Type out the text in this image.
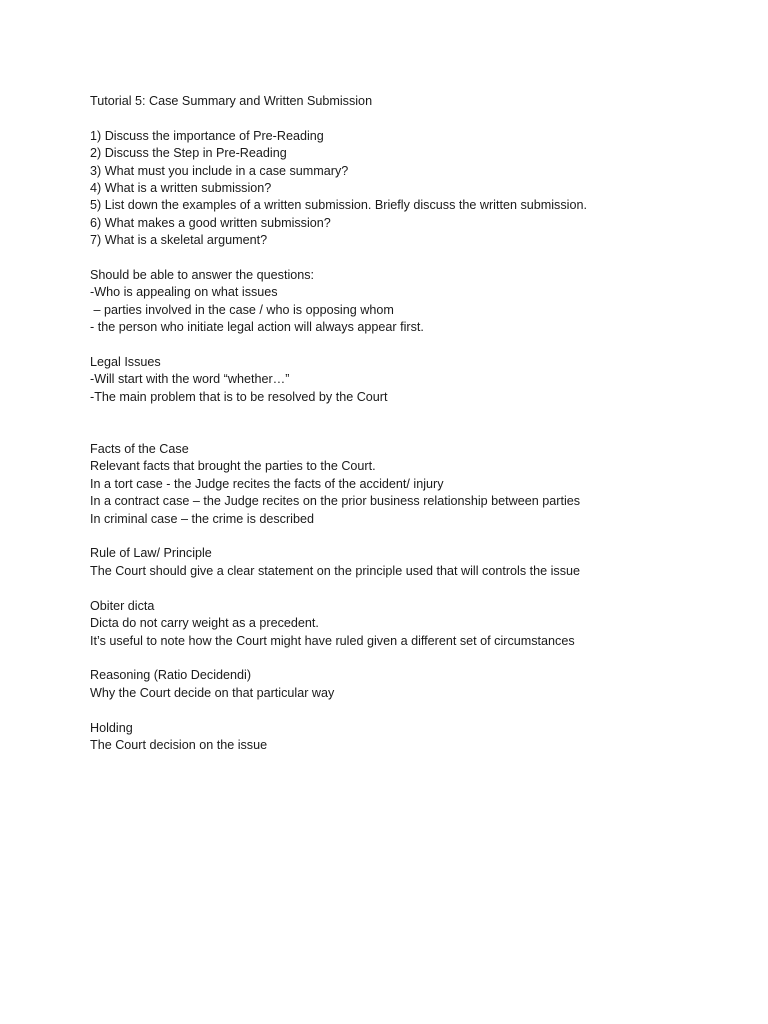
Tutorial 5: Case Summary and Written Submission
1) Discuss the importance of Pre-Reading
2) Discuss the Step in Pre-Reading
3) What must you include in a case summary?
4) What is a written submission?
5) List down the examples of a written submission. Briefly discuss the written submission.
6) What makes a good written submission?
7) What is a skeletal argument?
Should be able to answer the questions:
-Who is appealing on what issues
– parties involved in the case / who is opposing whom
- the person who initiate legal action will always appear first.
Legal Issues
-Will start with the word “whether…”
-The main problem that is to be resolved by the Court
Facts of the Case
Relevant facts that brought the parties to the Court.
In a tort case - the Judge recites the facts of the accident/ injury
In a contract case – the Judge recites on the prior business relationship between parties
In criminal case – the crime is described
Rule of Law/ Principle
The Court should give a clear statement on the principle used that will controls the issue
Obiter dicta
Dicta do not carry weight as a precedent.
It’s useful to note how the Court might have ruled given a different set of circumstances
Reasoning (Ratio Decidendi)
Why the Court decide on that particular way
Holding
The Court decision on the issue
